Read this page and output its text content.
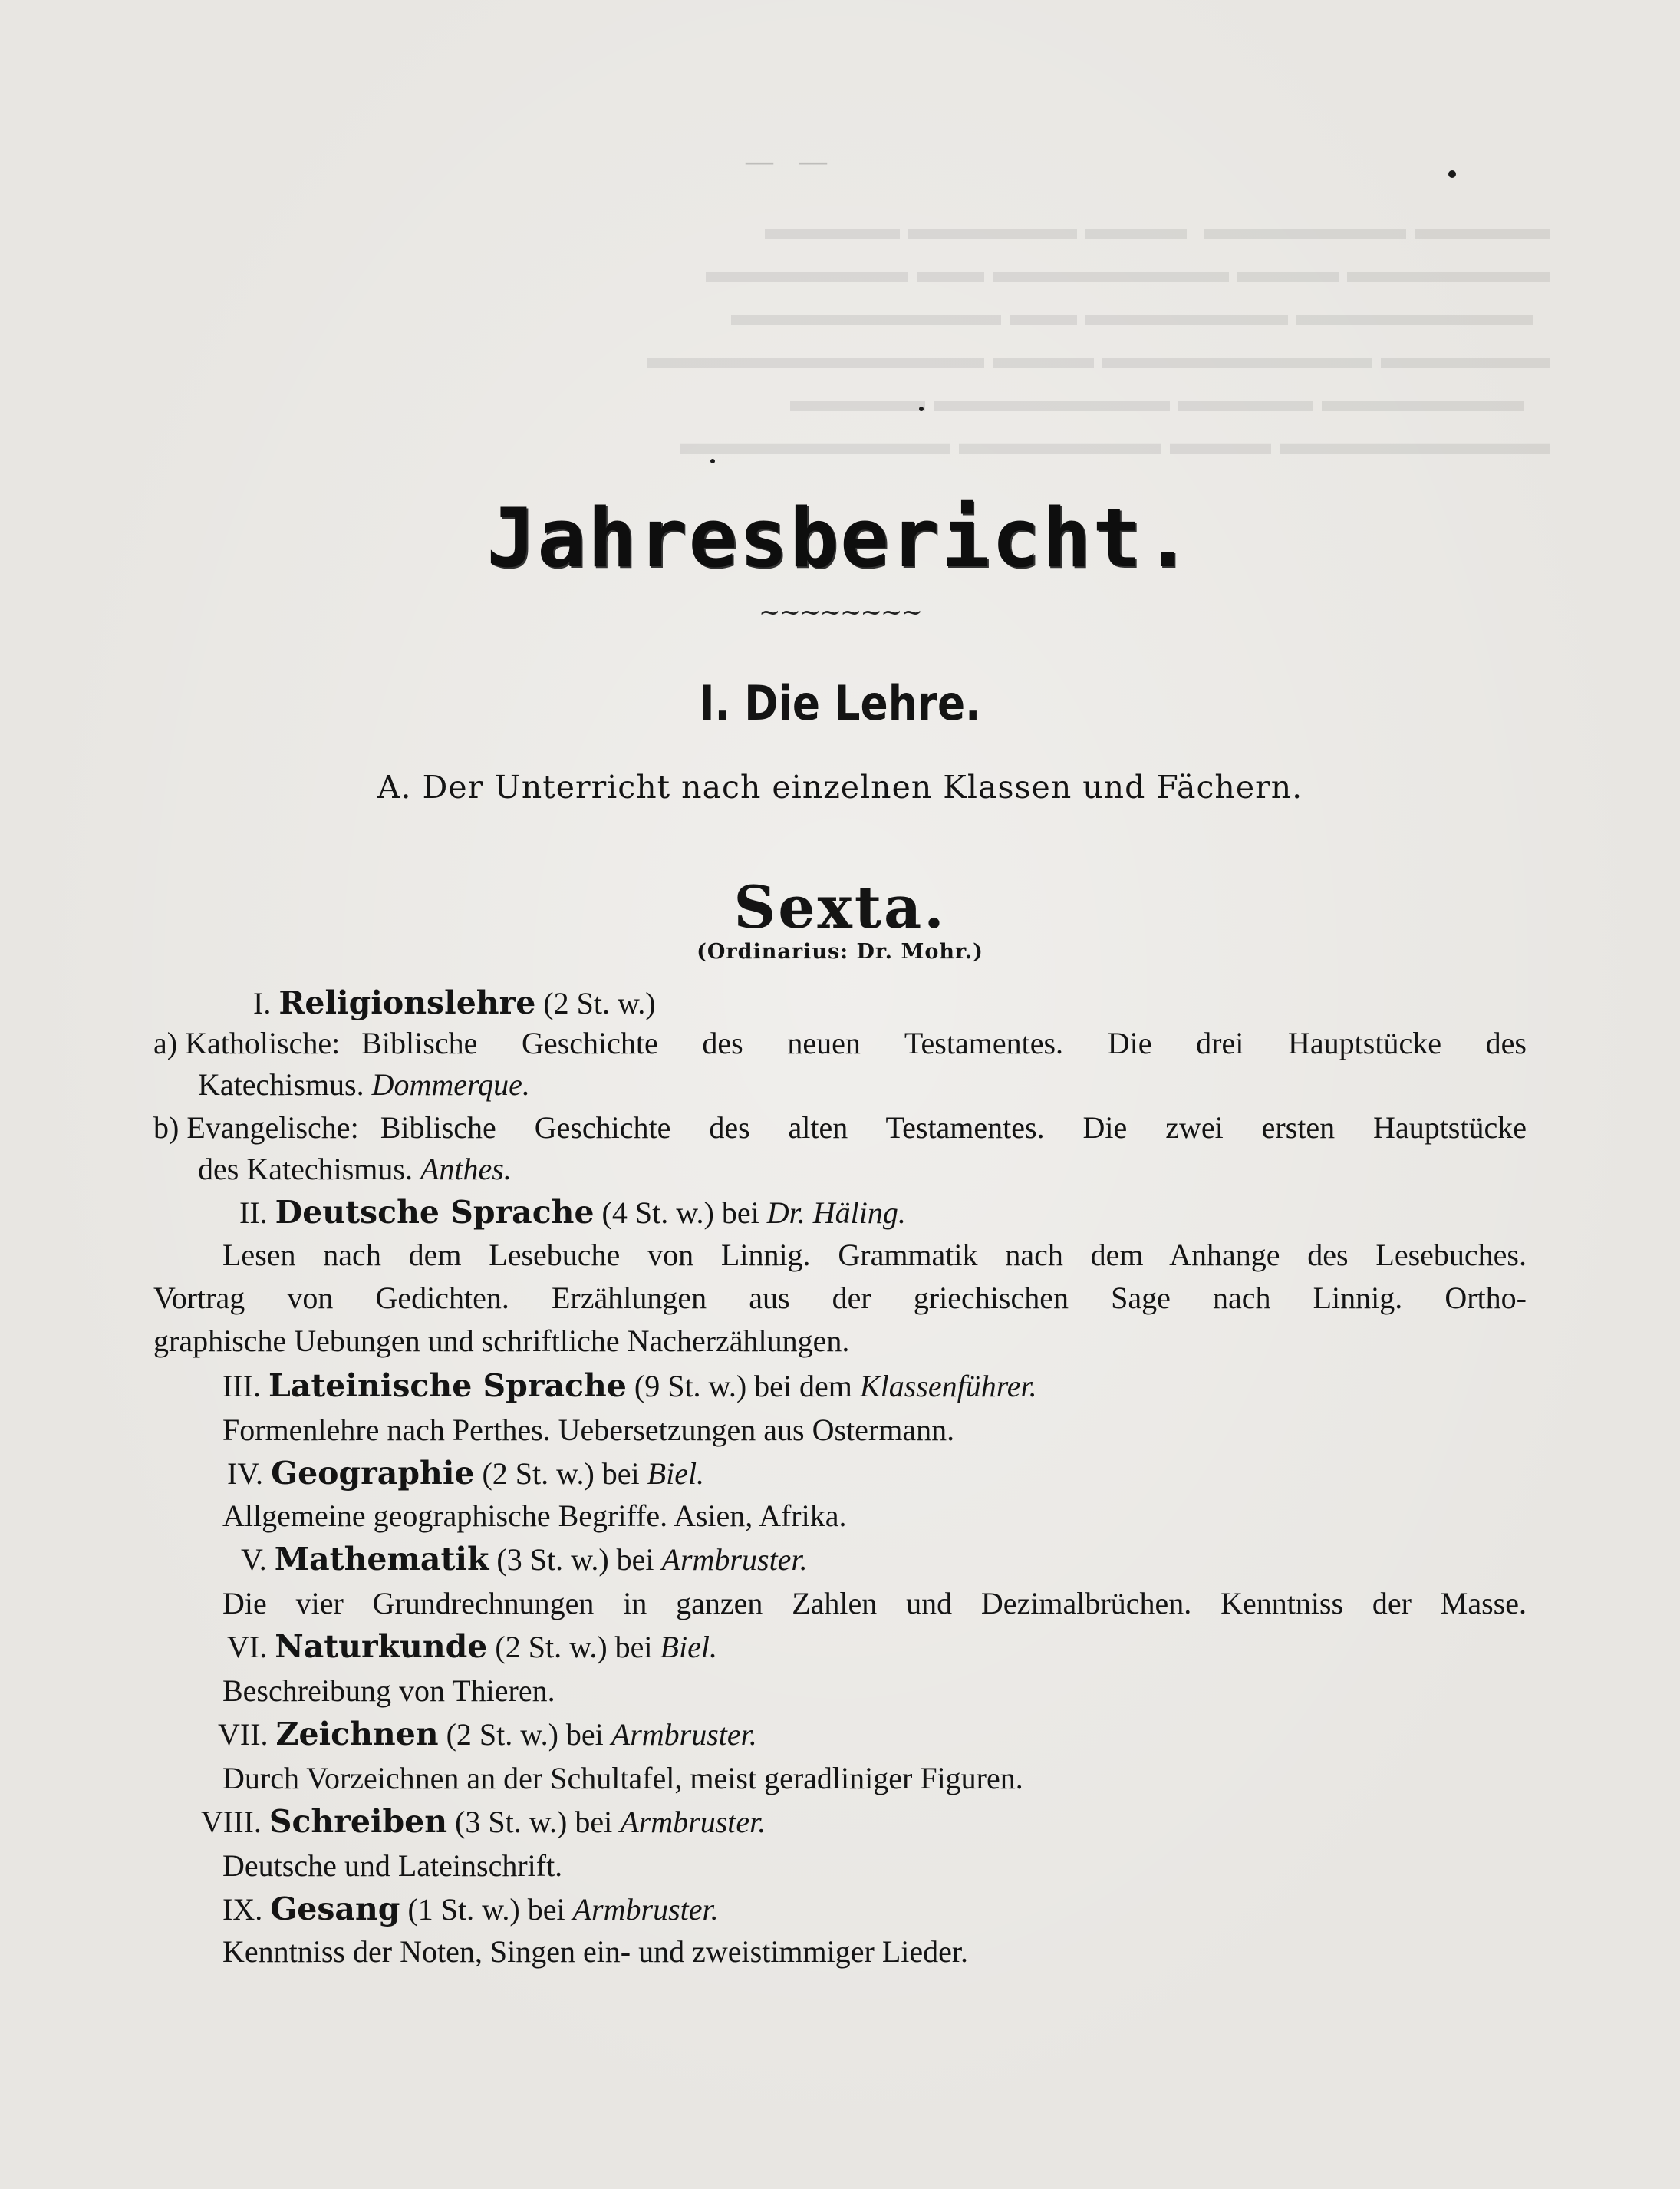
▬▬▬▬ ▬▬▬▬▬▬  ▬▬▬ ▬▬▬▬▬ ▬▬▬▬
▬▬▬▬▬▬ ▬▬▬ ▬▬▬▬▬▬▬ ▬▬ ▬▬▬▬▬▬
▬▬▬▬▬▬▬ ▬▬▬▬▬▬ ▬▬ ▬▬▬▬▬▬▬▬
▬▬▬▬▬ ▬▬▬▬▬▬▬▬ ▬▬▬ ▬▬▬▬▬▬▬▬▬▬
▬▬▬▬▬▬ ▬▬▬▬ ▬▬▬▬▬▬▬ ▬▬▬▬
▬▬▬▬▬▬▬▬ ▬▬▬ ▬▬▬▬▬▬ ▬▬▬▬▬▬▬▬
——
Jahresbericht.
~~~~~~~~
I. Die Lehre.
A. Der Unterricht nach einzelnen Klassen und Fächern.
Sexta.
(Ordinarius: Dr. Mohr.)
I. Religionslehre (2 St. w.)
a) Katholische: Biblische Geschichte des neuen Testamentes. Die drei Hauptstücke des
Katechismus. Dommerque.
b) Evangelische: Biblische Geschichte des alten Testamentes. Die zwei ersten Hauptstücke
des Katechismus. Anthes.
II. Deutsche Sprache (4 St. w.) bei Dr. Häling.
Lesen nach dem Lesebuche von Linnig. Grammatik nach dem Anhange des Lesebuches.
Vortrag von Gedichten. Erzählungen aus der griechischen Sage nach Linnig. Ortho-
graphische Uebungen und schriftliche Nacherzählungen.
III. Lateinische Sprache (9 St. w.) bei dem Klassenführer.
Formenlehre nach Perthes. Uebersetzungen aus Ostermann.
IV. Geographie (2 St. w.) bei Biel.
Allgemeine geographische Begriffe. Asien, Afrika.
V. Mathematik (3 St. w.) bei Armbruster.
Die vier Grundrechnungen in ganzen Zahlen und Dezimalbrüchen. Kenntniss der Masse.
VI. Naturkunde (2 St. w.) bei Biel.
Beschreibung von Thieren.
VII. Zeichnen (2 St. w.) bei Armbruster.
Durch Vorzeichnen an der Schultafel, meist geradliniger Figuren.
VIII. Schreiben (3 St. w.) bei Armbruster.
Deutsche und Lateinschrift.
IX. Gesang (1 St. w.) bei Armbruster.
Kenntniss der Noten, Singen ein- und zweistimmiger Lieder.
